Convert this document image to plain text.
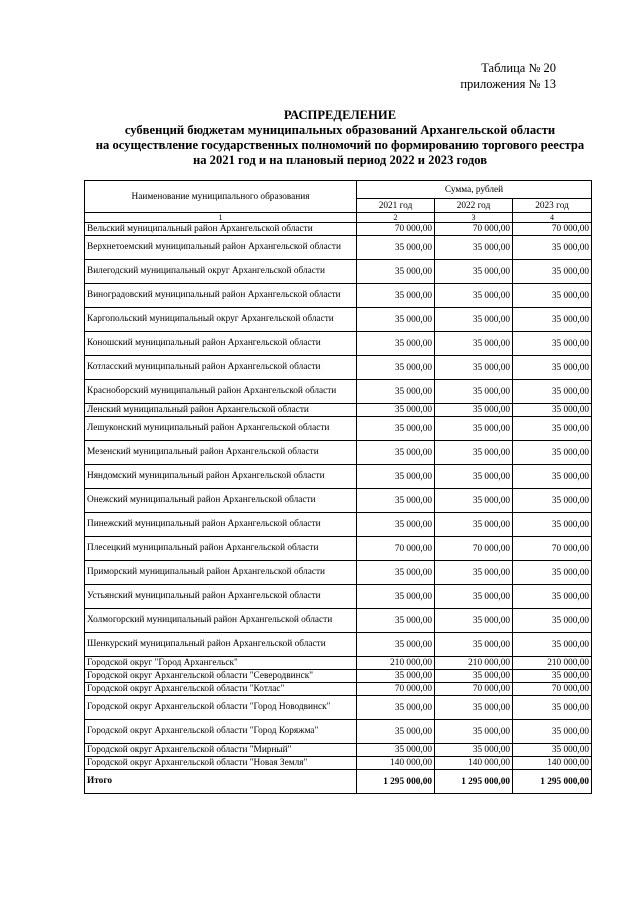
Таблица № 20
приложения № 13
РАСПРЕДЕЛЕНИЕ
субвенций бюджетам муниципальных образований Архангельской области
на осуществление государственных полномочий по формированию торгового реестра
на 2021 год и на плановый период 2022 и 2023 годов
Наименование муниципального образования	Сумма, рублей		
	2021 год	2022 год	2023 год
1	2	3	4
Вельский муниципальный район Архангельской области	70 000,00	70 000,00	70 000,00
Верхнетоемский муниципальный район Архангельской области	35 000,00	35 000,00	35 000,00
Вилегодский муниципальный округ Архангельской области	35 000,00	35 000,00	35 000,00
Виноградовский муниципальный район Архангельской области	35 000,00	35 000,00	35 000,00
Каргопольский муниципальный округ Архангельской области	35 000,00	35 000,00	35 000,00
Коношский муниципальный район Архангельской области	35 000,00	35 000,00	35 000,00
Котласский муниципальный район Архангельской области	35 000,00	35 000,00	35 000,00
Красноборский муниципальный район Архангельской области	35 000,00	35 000,00	35 000,00
Ленский муниципальный район Архангельской области	35 000,00	35 000,00	35 000,00
Лешуконский муниципальный район Архангельской области	35 000,00	35 000,00	35 000,00
Мезенский муниципальный район Архангельской области	35 000,00	35 000,00	35 000,00
Няндомский муниципальный район Архангельской области	35 000,00	35 000,00	35 000,00
Онежский муниципальный район Архангельской области	35 000,00	35 000,00	35 000,00
Пинежский муниципальный район Архангельской области	35 000,00	35 000,00	35 000,00
Плесецкий муниципальный район Архангельской области	70 000,00	70 000,00	70 000,00
Приморский муниципальный район Архангельской области	35 000,00	35 000,00	35 000,00
Устьянский муниципальный район Архангельской области	35 000,00	35 000,00	35 000,00
Холмогорский муниципальный район Архангельской области	35 000,00	35 000,00	35 000,00
Шенкурский муниципальный район Архангельской области	35 000,00	35 000,00	35 000,00
Городской округ "Город Архангельск"	210 000,00	210 000,00	210 000,00
Городской округ Архангельской области "Северодвинск"	35 000,00	35 000,00	35 000,00
Городской округ Архангельской области "Котлас"	70 000,00	70 000,00	70 000,00
Городской округ Архангельской области "Город Новодвинск"	35 000,00	35 000,00	35 000,00
Городской округ Архангельской области "Город Коряжма"	35 000,00	35 000,00	35 000,00
Городской округ Архангельской области "Мирный"	35 000,00	35 000,00	35 000,00
Городской округ Архангельской области "Новая Земля"	140 000,00	140 000,00	140 000,00
Итого	1 295 000,00	1 295 000,00	1 295 000,00
